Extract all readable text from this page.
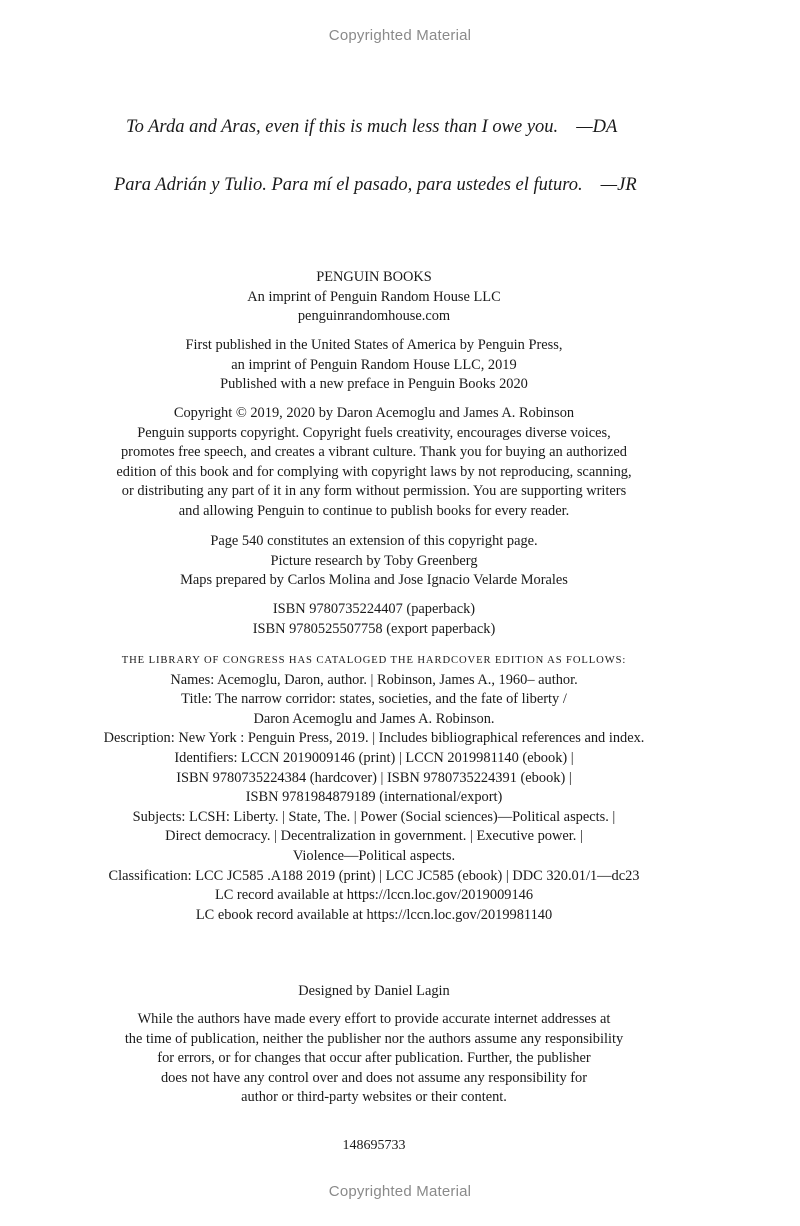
Copyrighted Material
To Arda and Aras, even if this is much less than I owe you. —DA
Para Adrián y Tulio. Para mí el pasado, para ustedes el futuro. —JR
PENGUIN BOOKS
An imprint of Penguin Random House LLC
penguinrandomhouse.com
First published in the United States of America by Penguin Press,
an imprint of Penguin Random House LLC, 2019
Published with a new preface in Penguin Books 2020
Copyright © 2019, 2020 by Daron Acemoglu and James A. Robinson
Penguin supports copyright. Copyright fuels creativity, encourages diverse voices,
promotes free speech, and creates a vibrant culture. Thank you for buying an authorized
edition of this book and for complying with copyright laws by not reproducing, scanning,
or distributing any part of it in any form without permission. You are supporting writers
and allowing Penguin to continue to publish books for every reader.
Page 540 constitutes an extension of this copyright page.
Picture research by Toby Greenberg
Maps prepared by Carlos Molina and Jose Ignacio Velarde Morales
ISBN 9780735224407 (paperback)
ISBN 9780525507758 (export paperback)
THE LIBRARY OF CONGRESS HAS CATALOGED THE HARDCOVER EDITION AS FOLLOWS:
Names: Acemoglu, Daron, author. | Robinson, James A., 1960– author.
Title: The narrow corridor: states, societies, and the fate of liberty /
Daron Acemoglu and James A. Robinson.
Description: New York : Penguin Press, 2019. | Includes bibliographical references and index.
Identifiers: LCCN 2019009146 (print) | LCCN 2019981140 (ebook) |
ISBN 9780735224384 (hardcover) | ISBN 9780735224391 (ebook) |
ISBN 9781984879189 (international/export)
Subjects: LCSH: Liberty. | State, The. | Power (Social sciences)—Political aspects. |
Direct democracy. | Decentralization in government. | Executive power. |
Violence—Political aspects.
Classification: LCC JC585 .A188 2019 (print) | LCC JC585 (ebook) | DDC 320.01/1—dc23
LC record available at https://lccn.loc.gov/2019009146
LC ebook record available at https://lccn.loc.gov/2019981140
Designed by Daniel Lagin
While the authors have made every effort to provide accurate internet addresses at
the time of publication, neither the publisher nor the authors assume any responsibility
for errors, or for changes that occur after publication. Further, the publisher
does not have any control over and does not assume any responsibility for
author or third-party websites or their content.
148695733
Copyrighted Material
